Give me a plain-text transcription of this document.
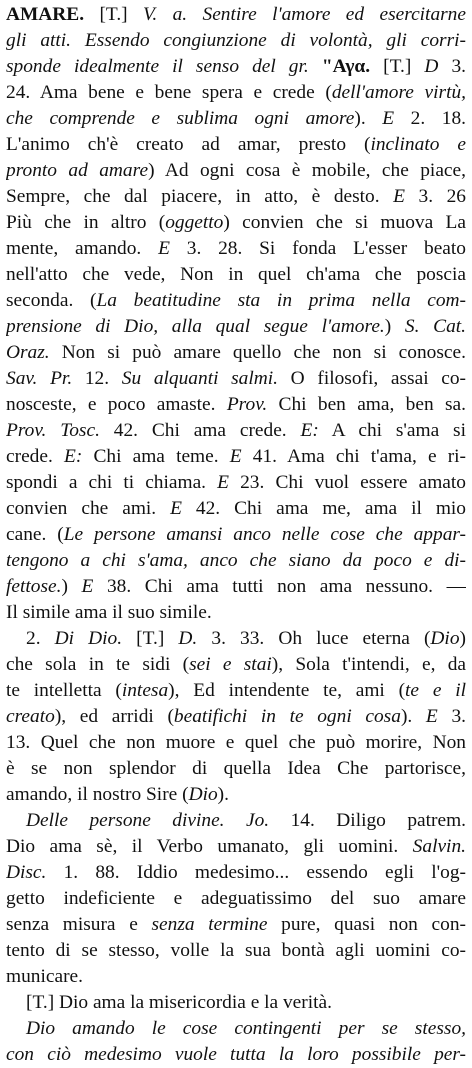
AMARE. [T.] V. a. Sentire l'amore ed esercitarne
gli atti. Essendo congiunzione di volontà, gli corri-
sponde idealmente il senso del gr. "Αγα. [T.] D 3.
24. Ama bene e bene spera e crede (dell'amore virtù,
che comprende e sublima ogni amore). E 2. 18.
L'animo ch'è creato ad amar, presto (inclinato e
pronto ad amare) Ad ogni cosa è mobile, che piace,
Sempre, che dal piacere, in atto, è desto. E 3. 26
Più che in altro (oggetto) convien che si muova La
mente, amando. E 3. 28. Si fonda L'esser beato
nell'atto che vede, Non in quel ch'ama che poscia
seconda. (La beatitudine sta in prima nella com-
prensione di Dio, alla qual segue l'amore.) S. Cat.
Oraz. Non si può amare quello che non si conosce.
Sav. Pr. 12. Su alquanti salmi. O filosofi, assai co-
nosceste, e poco amaste. Prov. Chi ben ama, ben sa.
Prov. Tosc. 42. Chi ama crede. E: A chi s'ama si
crede. E: Chi ama teme. E 41. Ama chi t'ama, e ri-
spondi a chi ti chiama. E 23. Chi vuol essere amato
convien che ami. E 42. Chi ama me, ama il mio
cane. (Le persone amansi anco nelle cose che appar-
tengono a chi s'ama, anco che siano da poco e di-
fettose.) E 38. Chi ama tutti non ama nessuno. —
Il simile ama il suo simile.
2. Di Dio. [T.] D. 3. 33. Oh luce eterna (Dio)
che sola in te sidi (sei e stai), Sola t'intendi, e, da
te intelletta (intesa), Ed intendente te, ami (te e il
creato), ed arridi (beatifichi in te ogni cosa). E 3.
13. Quel che non muore e quel che può morire, Non
è se non splendor di quella Idea Che partorisce,
amando, il nostro Sire (Dio).
Delle persone divine. Jo. 14. Diligo patrem.
Dio ama sè, il Verbo umanato, gli uomini. Salvin.
Disc. 1. 88. Iddio medesimo... essendo egli l'og-
getto indeficiente e adeguatissimo del suo amare
senza misura e senza termine pure, quasi non con-
tento di se stesso, volle la sua bontà agli uomini co-
municare.
[T.] Dio ama la misericordia e la verità.
Dio amando le cose contingenti per se stesso,
con ciò medesimo vuole tutta la loro possibile per-
